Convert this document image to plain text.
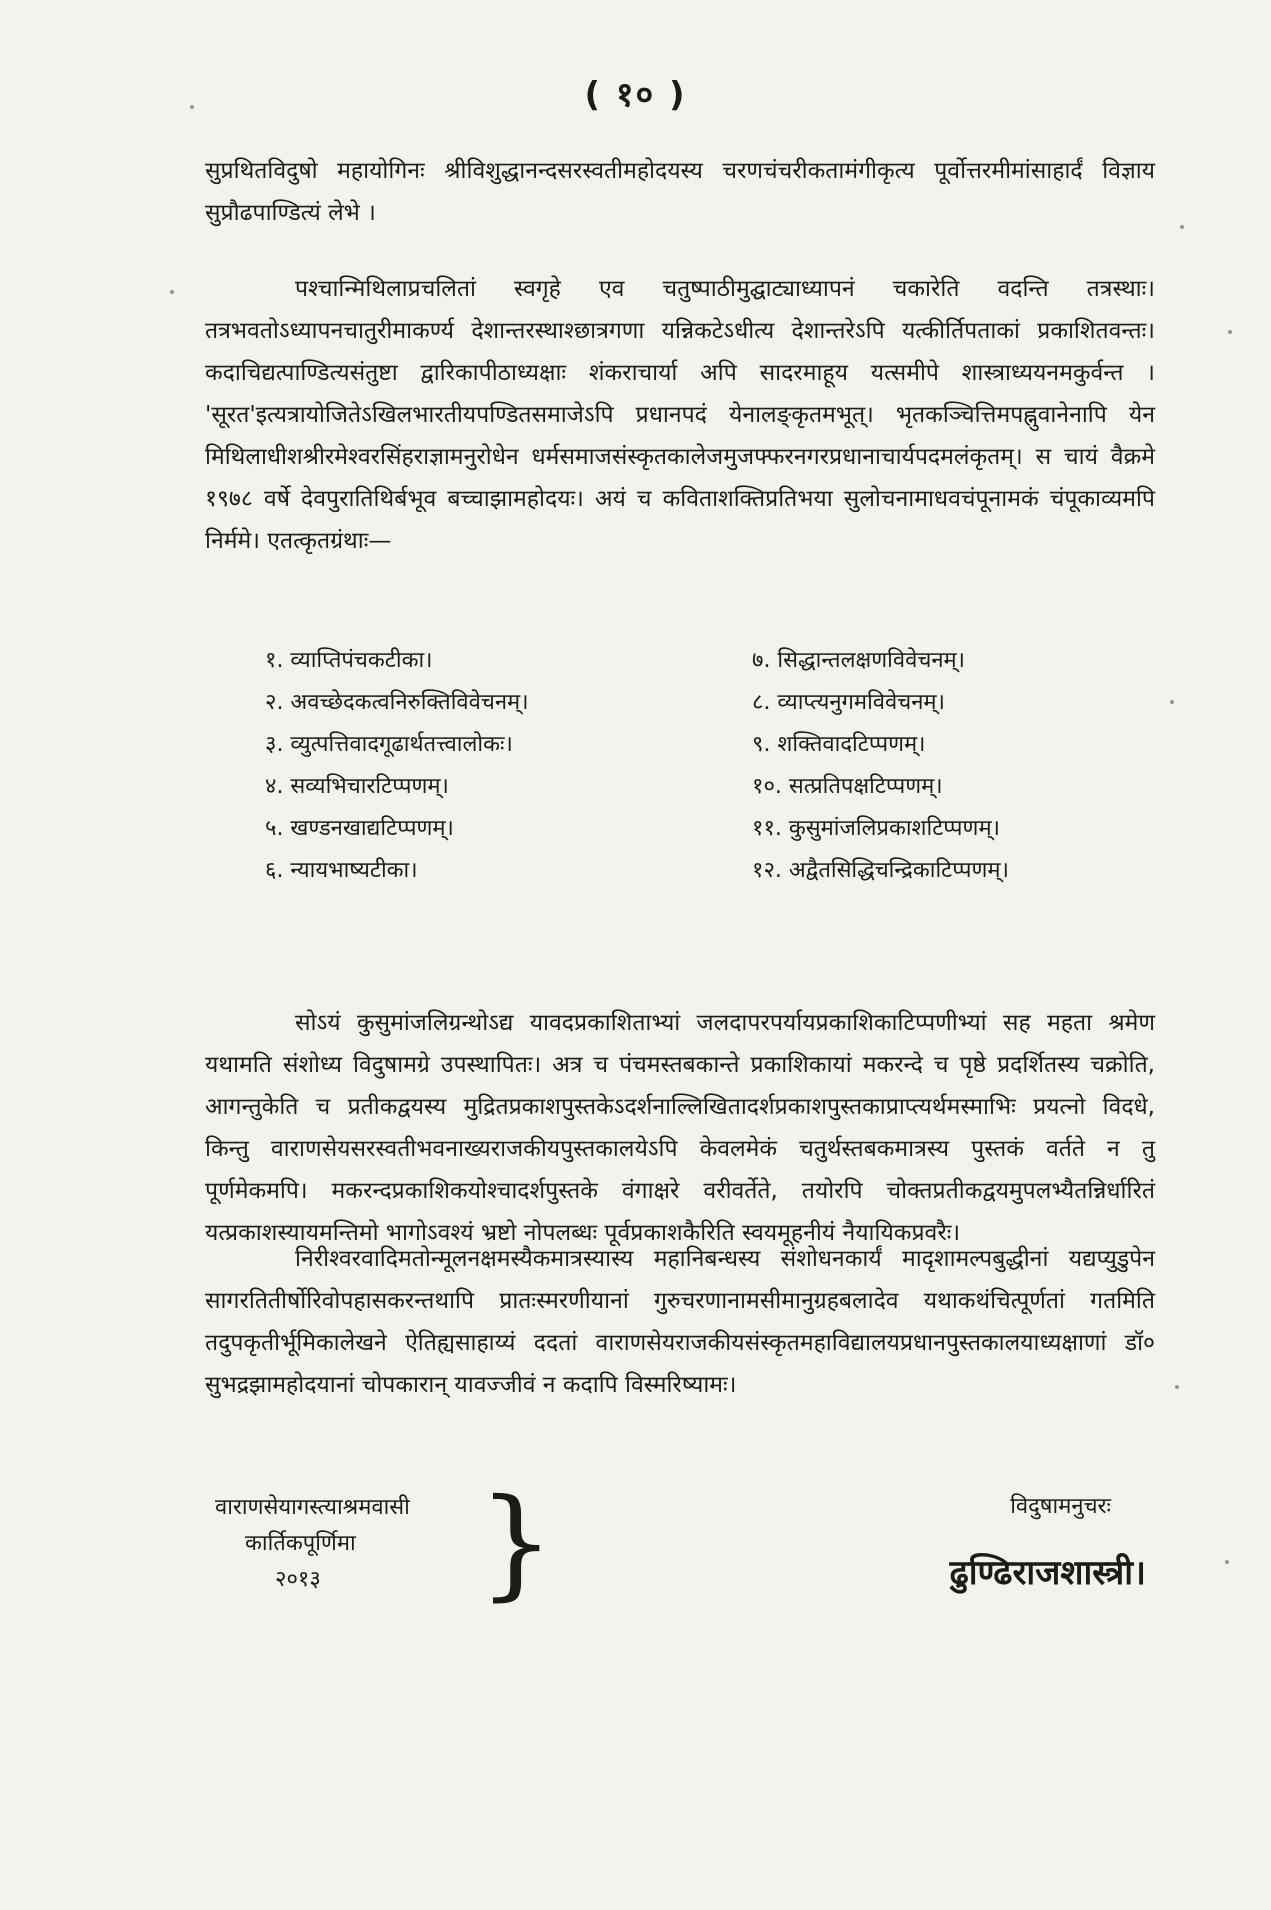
( १० )
सुप्रथितविदुषो महायोगिनः श्रीविशुद्धानन्दसरस्वतीमहोदयस्य चरणचंचरीकतामंगीकृत्य पूर्वोत्तरमीमांसाहार्दं विज्ञाय सुप्रौढपाण्डित्यं लेभे ।
पश्चान्मिथिलाप्रचलितां स्वगृहे एव चतुष्पाठीमुद्घाट्याध्यापनं चकारेति वदन्ति तत्रस्थाः। तत्रभवतोऽध्यापनचातुरीमाकर्ण्य देशान्तरस्थाश्छात्रगणा यन्निकटेऽधीत्य देशान्तरेऽपि यत्कीर्तिपताकां प्रकाशितवन्तः। कदाचिद्यत्पाण्डित्यसंतुष्टा द्वारिकापीठाध्यक्षाः शंकराचार्या अपि सादरमाहूय यत्समीपे शास्त्राध्ययनमकुर्वन्त । 'सूरत'इत्यत्रायोजितेऽखिलभारतीयपण्डितसमाजेऽपि प्रधानपदं येनालङ्कृतमभूत्। भृतकञ्चित्तिमपह्नुवानेनापि येन मिथिलाधीशश्रीरमेश्वरसिंहराज्ञामनुरोधेन धर्मसमाजसंस्कृतकालेजमुजफ्फरनगरप्रधानाचार्यपदमलंकृतम्। स चायं वैक्रमे १९७८ वर्षे देवपुरातिथिर्बभूव बच्चाझामहोदयः। अयं च कविताशक्तिप्रतिभया सुलोचनामाधवचंपूनामकं चंपूकाव्यमपि निर्ममे। एतत्कृतग्रंथाः—
१. व्याप्तिपंचकटीका।
२. अवच्छेदकत्वनिरुक्तिविवेचनम्।
३. व्युत्पत्तिवादगूढार्थतत्त्वालोकः।
४. सव्यभिचारटिप्पणम्।
५. खण्डनखाद्यटिप्पणम्।
६. न्यायभाष्यटीका।
७. सिद्धान्तलक्षणविवेचनम्।
८. व्याप्त्यनुगमविवेचनम्।
९. शक्तिवादटिप्पणम्।
१०. सत्प्रतिपक्षटिप्पणम्।
११. कुसुमांजलिप्रकाशटिप्पणम्।
१२. अद्वैतसिद्धिचन्द्रिकाटिप्पणम्।
सोऽयं कुसुमांजलिग्रन्थोऽद्य यावदप्रकाशिताभ्यां जलदापरपर्यायप्रकाशिकाटिप्पणीभ्यां सह महता श्रमेण यथामति संशोध्य विदुषामग्रे उपस्थापितः। अत्र च पंचमस्तबकान्ते प्रकाशिकायां मकरन्दे च पृष्ठे प्रदर्शितस्य चक्रोति, आगन्तुकेति च प्रतीकद्वयस्य मुद्रितप्रकाशपुस्तकेऽदर्शनाल्लिखितादर्शप्रकाशपुस्तकाप्राप्त्यर्थमस्माभिः प्रयत्नो विदधे, किन्तु वाराणसेयसरस्वतीभवनाख्यराजकीयपुस्तकालयेऽपि केवलमेकं चतुर्थस्तबकमात्रस्य पुस्तकं वर्तते न तु पूर्णमेकमपि। मकरन्दप्रकाशिकयोश्चादर्शपुस्तके वंगाक्षरे वरीवर्तेते, तयोरपि चोक्तप्रतीकद्वयमुपलभ्यैतन्निर्धारितं यत्प्रकाशस्यायमन्तिमो भागोऽवश्यं भ्रष्टो नोपलब्धः पूर्वप्रकाशकैरिति स्वयमूहनीयं नैयायिकप्रवरैः।
निरीश्वरवादिमतोन्मूलनक्षमस्यैकमात्रस्यास्य महानिबन्धस्य संशोधनकार्यं मादृशामल्पबुद्धीनां यद्यप्युडुपेन सागरतितीर्षोरिवोपहासकरन्तथापि प्रातःस्मरणीयानां गुरुचरणानामसीमानुग्रहबलादेव यथाकथंचित्पूर्णतां गतमिति तदुपकृतीर्भूमिकालेखने ऐतिह्यसाहाय्यं ददतां वाराणसेयराजकीयसंस्कृतमहाविद्यालयप्रधानपुस्तकालयाध्यक्षाणां डॉ० सुभद्रझामहोदयानां चोपकारान् यावज्जीवं न कदापि विस्मरिष्यामः।
वाराणसेयागस्त्याश्रमवासी
कार्तिकपूर्णिमा
२०१३ }	विदुषामनुचरः
ढुण्ढिराजशास्त्री।
